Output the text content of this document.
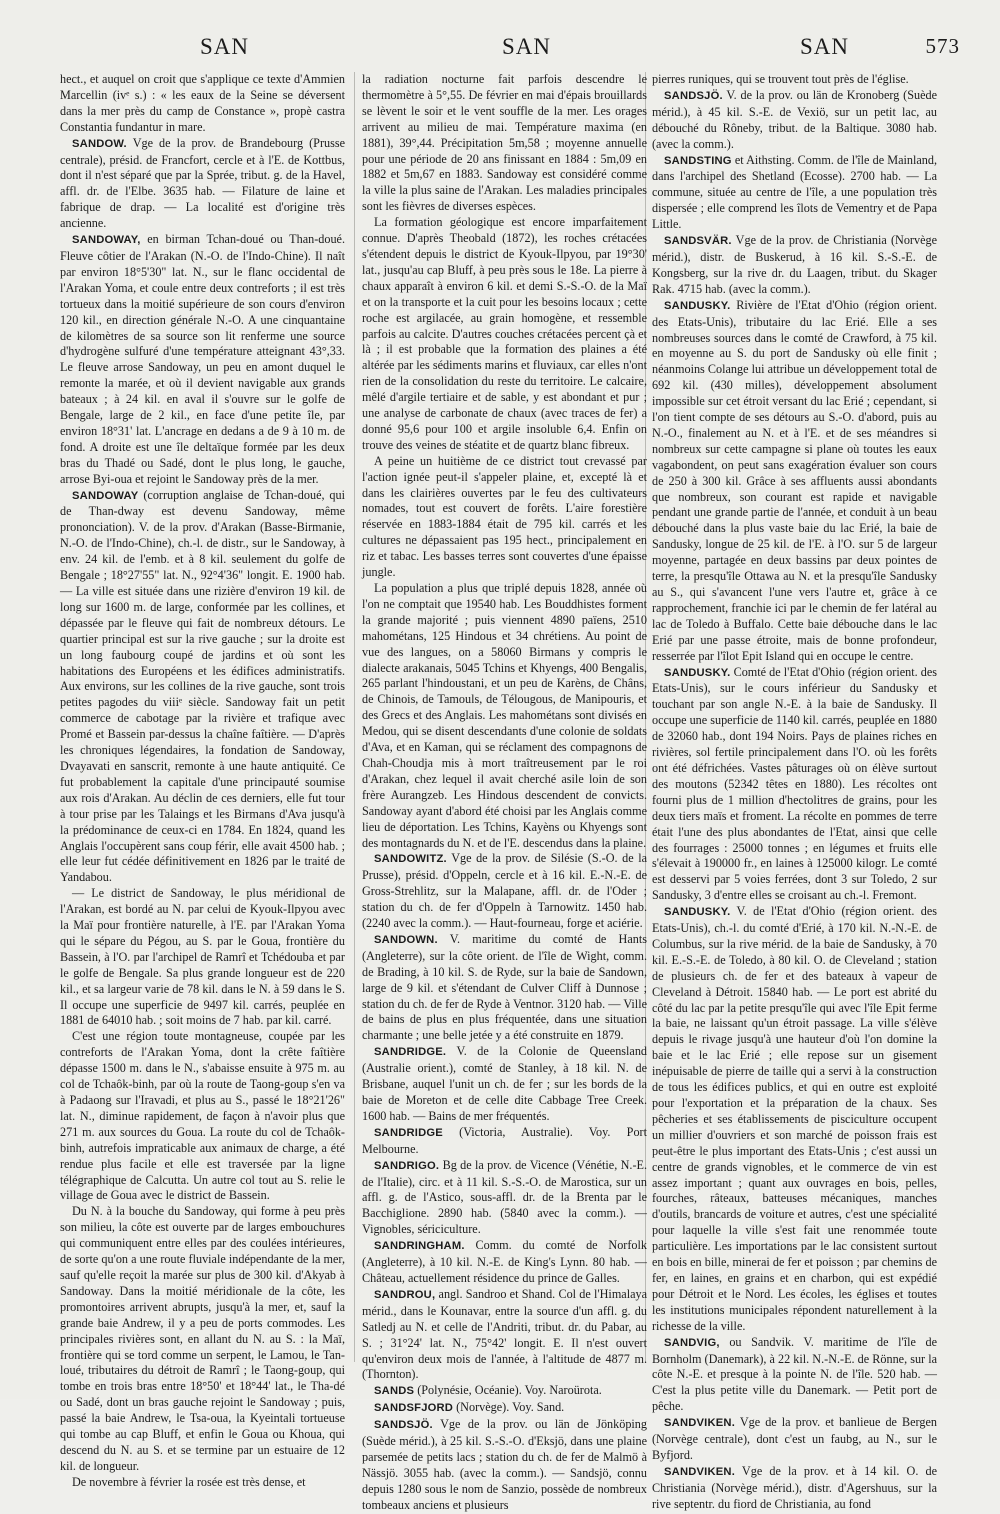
SAN	SAN	SAN	573

hect., et auquel on croit que s'applique ce texte d'Ammien Marcellin (ivᵉ s.) : « les eaux de la Seine se déversent dans la mer près du camp de Constance », propè castra Constantia fundantur in mare.

SANDOW. Vge de la prov. de Brandebourg (Prusse centrale), présid. de Francfort, cercle et à l'E. de Kottbus, dont il n'est séparé que par la Sprée, tribut. g. de la Havel, affl. dr. de l'Elbe. 3635 hab. — Filature de laine et fabrique de drap. — La localité est d'origine très ancienne.

SANDOWAY, en birman Tchan-doué ou Than-doué. Fleuve côtier de l'Arakan (N.-O. de l'Indo-Chine). Il naît par environ 18°5'30" lat. N., sur le flanc occidental de l'Arakan Yoma, et coule entre deux contreforts ; il est très tortueux dans la moitié supérieure de son cours d'environ 120 kil., en direction générale N.-O. A une cinquantaine de kilomètres de sa source son lit renferme une source d'hydrogène sulfuré d'une température atteignant 43°,33. Le fleuve arrose Sandoway, un peu en amont duquel le remonte la marée, et où il devient navigable aux grands bateaux ; à 24 kil. en aval il s'ouvre sur le golfe de Bengale, large de 2 kil., en face d'une petite île, par environ 18°31' lat. L'ancrage en dedans a de 9 à 10 m. de fond. A droite est une île deltaïque formée par les deux bras du Thadé ou Sadé, dont le plus long, le gauche, arrose Byi-oua et rejoint le Sandoway près de la mer.

SANDOWAY (corruption anglaise de Tchan-doué, qui de Than-dway est devenu Sandoway, même prononciation). V. de la prov. d'Arakan (Basse-Birmanie, N.-O. de l'Indo-Chine), ch.-l. de distr., sur le Sandoway, à env. 24 kil. de l'emb. et à 8 kil. seulement du golfe de Bengale ; 18°27'55" lat. N., 92°4'36" longit. E. 1900 hab. — La ville est située dans une rizière d'environ 19 kil. de long sur 1600 m. de large, conformée par les collines, et dépassée par le fleuve qui fait de nombreux détours. Le quartier principal est sur la rive gauche ; sur la droite est un long faubourg coupé de jardins et où sont les habitations des Européens et les édifices administratifs. Aux environs, sur les collines de la rive gauche, sont trois petites pagodes du viiiᵉ siècle. Sandoway fait un petit commerce de cabotage par la rivière et trafique avec Promé et Bassein par-dessus la chaîne faîtière. — D'après les chroniques légendaires, la fondation de Sandoway, Dvayavati en sanscrit, remonte à une haute antiquité. Ce fut probablement la capitale d'une principauté soumise aux rois d'Arakan. Au déclin de ces derniers, elle fut tour à tour prise par les Talaings et les Birmans d'Ava jusqu'à la prédominance de ceux-ci en 1784. En 1824, quand les Anglais l'occupèrent sans coup férir, elle avait 4500 hab. ; elle leur fut cédée définitivement en 1826 par le traité de Yandabou.

— Le district de Sandoway, le plus méridional de l'Arakan, est bordé au N. par celui de Kyouk-Ilpyou avec la Maï pour frontière naturelle, à l'E. par l'Arakan Yoma qui le sépare du Pégou, au S. par le Goua, frontière du Bassein, à l'O. par l'archipel de Ramrî et Tchédouba et par le golfe de Bengale. Sa plus grande longueur est de 220 kil., et sa largeur varie de 78 kil. dans le N. à 59 dans le S. Il occupe une superficie de 9497 kil. carrés, peuplée en 1881 de 64010 hab. ; soit moins de 7 hab. par kil. carré.

C'est une région toute montagneuse, coupée par les contreforts de l'Arakan Yoma, dont la crête faîtière dépasse 1500 m. dans le N., s'abaisse ensuite à 975 m. au col de Tchaôk-binh, par où la route de Taong-goup s'en va à Padaong sur l'Iravadi, et plus au S., passé le 18°21'26" lat. N., diminue rapidement, de façon à n'avoir plus que 271 m. aux sources du Goua. La route du col de Tchaôk-binh, autrefois impraticable aux animaux de charge, a été rendue plus facile et elle est traversée par la ligne télégraphique de Calcutta. Un autre col tout au S. relie le village de Goua avec le district de Bassein.

Du N. à la bouche du Sandoway, qui forme à peu près son milieu, la côte est ouverte par de larges embouchures qui communiquent entre elles par des coulées intérieures, de sorte qu'on a une route fluviale indépendante de la mer, sauf qu'elle reçoit la marée sur plus de 300 kil. d'Akyab à Sandoway. Dans la moitié méridionale de la côte, les promontoires arrivent abrupts, jusqu'à la mer, et, sauf la grande baie Andrew, il y a peu de ports commodes. Les principales rivières sont, en allant du N. au S. : la Maï, frontière qui se tord comme un serpent, le Lamou, le Tan-loué, tributaires du détroit de Ramrî ; le Taong-goup, qui tombe en trois bras entre 18°50' et 18°44' lat., le Tha-dé ou Sadé, dont un bras gauche rejoint le Sandoway ; puis, passé la baie Andrew, le Tsa-oua, la Kyeintali tortueuse qui tombe au cap Bluff, et enfin le Goua ou Khoua, qui descend du N. au S. et se termine par un estuaire de 12 kil. de longueur.

De novembre à février la rosée est très dense, et

la radiation nocturne fait parfois descendre le thermomètre à 5°,55. De février en mai d'épais brouillards se lèvent le soir et le vent souffle de la mer. Les orages arrivent au milieu de mai. Température maxima (en 1881), 39°,44. Précipitation 5m,58 ; moyenne annuelle pour une période de 20 ans finissant en 1884 : 5m,09 en 1882 et 5m,67 en 1883. Sandoway est considéré comme la ville la plus saine de l'Arakan. Les maladies principales sont les fièvres de diverses espèces.

La formation géologique est encore imparfaitement connue. D'après Theobald (1872), les roches crétacées s'étendent depuis le district de Kyouk-Ilpyou, par 19°30' lat., jusqu'au cap Bluff, à peu près sous le 18e. La pierre à chaux apparaît à environ 6 kil. et demi S.-S.-O. de la Maï et on la transporte et la cuit pour les besoins locaux ; cette roche est argilacée, au grain homogène, et ressemble parfois au calcite. D'autres couches crétacées percent çà et là ; il est probable que la formation des plaines a été altérée par les sédiments marins et fluviaux, car elles n'ont rien de la consolidation du reste du territoire. Le calcaire, mêlé d'argile tertiaire et de sable, y est abondant et pur ; une analyse de carbonate de chaux (avec traces de fer) a donné 95,6 pour 100 et argile insoluble 6,4. Enfin on trouve des veines de stéatite et de quartz blanc fibreux.

A peine un huitième de ce district tout crevassé par l'action ignée peut-il s'appeler plaine, et, excepté là et dans les clairières ouvertes par le feu des cultivateurs nomades, tout est couvert de forêts. L'aire forestière réservée en 1883-1884 était de 795 kil. carrés et les cultures ne dépassaient pas 195 hect., principalement en riz et tabac. Les basses terres sont couvertes d'une épaisse jungle.

La population a plus que triplé depuis 1828, année où l'on ne comptait que 19540 hab. Les Bouddhistes forment la grande majorité ; puis viennent 4890 païens, 2510 mahométans, 125 Hindous et 34 chrétiens. Au point de vue des langues, on a 58060 Birmans y compris le dialecte arakanais, 5045 Tchins et Khyengs, 400 Bengalis, 265 parlant l'hindoustani, et un peu de Karèns, de Châns, de Chinois, de Tamouls, de Télougous, de Manipouris, et des Grecs et des Anglais. Les mahométans sont divisés en Medou, qui se disent descendants d'une colonie de soldats d'Ava, et en Kaman, qui se réclament des compagnons de Chah-Choudja mis à mort traîtreusement par le roi d'Arakan, chez lequel il avait cherché asile loin de son frère Aurangzeb. Les Hindous descendent de convicts. Sandoway ayant d'abord été choisi par les Anglais comme lieu de déportation. Les Tchins, Kayèns ou Khyengs sont des montagnards du N. et de l'E. descendus dans la plaine.

SANDOWITZ. Vge de la prov. de Silésie (S.-O. de la Prusse), présid. d'Oppeln, cercle et à 16 kil. E.-N.-E. de Gross-Strehlitz, sur la Malapane, affl. dr. de l'Oder ; station du ch. de fer d'Oppeln à Tarnowitz. 1450 hab. (2240 avec la comm.). — Haut-fourneau, forge et aciérie.

SANDOWN. V. maritime du comté de Hants (Angleterre), sur la côte orient. de l'île de Wight, comm. de Brading, à 10 kil. S. de Ryde, sur la baie de Sandown, large de 9 kil. et s'étendant de Culver Cliff à Dunnose ; station du ch. de fer de Ryde à Ventnor. 3120 hab. — Ville de bains de plus en plus fréquentée, dans une situation charmante ; une belle jetée y a été construite en 1879.

SANDRIDGE. V. de la Colonie de Queensland (Australie orient.), comté de Stanley, à 18 kil. N. de Brisbane, auquel l'unit un ch. de fer ; sur les bords de la baie de Moreton et de celle dite Cabbage Tree Creek. 1600 hab. — Bains de mer fréquentés.

SANDRIDGE (Victoria, Australie). Voy. Port Melbourne.

SANDRIGO. Bg de la prov. de Vicence (Vénétie, N.-E. de l'Italie), circ. et à 11 kil. S.-S.-O. de Marostica, sur un affl. g. de l'Astico, sous-affl. dr. de la Brenta par le Bacchiglione. 2890 hab. (5840 avec la comm.). — Vignobles, sériciculture.

SANDRINGHAM. Comm. du comté de Norfolk (Angleterre), à 10 kil. N.-E. de King's Lynn. 80 hab. — Château, actuellement résidence du prince de Galles.

SANDROU, angl. Sandroo et Shand. Col de l'Himalaya mérid., dans le Kounavar, entre la source d'un affl. g. du Satledj au N. et celle de l'Andriti, tribut. dr. du Pabar, au S. ; 31°24' lat. N., 75°42' longit. E. Il n'est ouvert qu'environ deux mois de l'année, à l'altitude de 4877 m. (Thornton).

SANDS (Polynésie, Océanie). Voy. Naroürota.

SANDSFJORD (Norvège). Voy. Sand.

SANDSJÖ. Vge de la prov. ou län de Jönköping (Suède mérid.), à 25 kil. S.-S.-O. d'Eksjö, dans une plaine parsemée de petits lacs ; station du ch. de fer de Malmö à Nässjö. 3055 hab. (avec la comm.). — Sandsjö, connu depuis 1280 sous le nom de Sanzio, possède de nombreux tombeaux anciens et plusieurs

pierres runiques, qui se trouvent tout près de l'église.

SANDSJÖ. V. de la prov. ou län de Kronoberg (Suède mérid.), à 45 kil. S.-E. de Vexiö, sur un petit lac, au débouché du Rôneby, tribut. de la Baltique. 3080 hab. (avec la comm.).

SANDSTING et Aithsting. Comm. de l'île de Mainland, dans l'archipel des Shetland (Ecosse). 2700 hab. — La commune, située au centre de l'île, a une population très dispersée ; elle comprend les îlots de Vementry et de Papa Little.

SANDSVÄR. Vge de la prov. de Christiania (Norvège mérid.), distr. de Buskerud, à 16 kil. S.-S.-E. de Kongsberg, sur la rive dr. du Laagen, tribut. du Skager Rak. 4715 hab. (avec la comm.).

SANDUSKY. Rivière de l'Etat d'Ohio (région orient. des Etats-Unis), tributaire du lac Erié. Elle a ses nombreuses sources dans le comté de Crawford, à 75 kil. en moyenne au S. du port de Sandusky où elle finit ; néanmoins Colange lui attribue un développement total de 692 kil. (430 milles), développement absolument impossible sur cet étroit versant du lac Erié ; cependant, si l'on tient compte de ses détours au S.-O. d'abord, puis au N.-O., finalement au N. et à l'E. et de ses méandres si nombreux sur cette campagne si plane où toutes les eaux vagabondent, on peut sans exagération évaluer son cours de 250 à 300 kil. Grâce à ses affluents aussi abondants que nombreux, son courant est rapide et navigable pendant une grande partie de l'année, et conduit à un beau débouché dans la plus vaste baie du lac Erié, la baie de Sandusky, longue de 25 kil. de l'E. à l'O. sur 5 de largeur moyenne, partagée en deux bassins par deux pointes de terre, la presqu'île Ottawa au N. et la presqu'île Sandusky au S., qui s'avancent l'une vers l'autre et, grâce à ce rapprochement, franchie ici par le chemin de fer latéral au lac de Toledo à Buffalo. Cette baie débouche dans le lac Erié par une passe étroite, mais de bonne profondeur, resserrée par l'îlot Epit Island qui en occupe le centre.

SANDUSKY. Comté de l'Etat d'Ohio (région orient. des Etats-Unis), sur le cours inférieur du Sandusky et touchant par son angle N.-E. à la baie de Sandusky. Il occupe une superficie de 1140 kil. carrés, peuplée en 1880 de 32060 hab., dont 194 Noirs. Pays de plaines riches en rivières, sol fertile principalement dans l'O. où les forêts ont été défrichées. Vastes pâturages où on élève surtout des moutons (52342 têtes en 1880). Les récoltes ont fourni plus de 1 million d'hectolitres de grains, pour les deux tiers maïs et froment. La récolte en pommes de terre était l'une des plus abondantes de l'Etat, ainsi que celle des fourrages : 25000 tonnes ; en légumes et fruits elle s'élevait à 190000 fr., en laines à 125000 kilogr. Le comté est desservi par 5 voies ferrées, dont 3 sur Toledo, 2 sur Sandusky, 3 d'entre elles se croisant au ch.-l. Fremont.

SANDUSKY. V. de l'Etat d'Ohio (région orient. des Etats-Unis), ch.-l. du comté d'Erié, à 170 kil. N.-N.-E. de Columbus, sur la rive mérid. de la baie de Sandusky, à 70 kil. E.-S.-E. de Toledo, à 80 kil. O. de Cleveland ; station de plusieurs ch. de fer et des bateaux à vapeur de Cleveland à Détroit. 15840 hab. — Le port est abrité du côté du lac par la petite presqu'île qui avec l'île Epit ferme la baie, ne laissant qu'un étroit passage. La ville s'élève depuis le rivage jusqu'à une hauteur d'où l'on domine la baie et le lac Erié ; elle repose sur un gisement inépuisable de pierre de taille qui a servi à la construction de tous les édifices publics, et qui en outre est exploité pour l'exportation et la préparation de la chaux. Ses pêcheries et ses établissements de pisciculture occupent un millier d'ouvriers et son marché de poisson frais est peut-être le plus important des Etats-Unis ; c'est aussi un centre de grands vignobles, et le commerce de vin est assez important ; quant aux ouvrages en bois, pelles, fourches, râteaux, batteuses mécaniques, manches d'outils, brancards de voiture et autres, c'est une spécialité pour laquelle la ville s'est fait une renommée toute particulière. Les importations par le lac consistent surtout en bois en bille, minerai de fer et poisson ; par chemins de fer, en laines, en grains et en charbon, qui est expédié pour Détroit et le Nord. Les écoles, les églises et toutes les institutions municipales répondent naturellement à la richesse de la ville.

SANDVIG, ou Sandvik. V. maritime de l'île de Bornholm (Danemark), à 22 kil. N.-N.-E. de Rönne, sur la côte N.-E. et presque à la pointe N. de l'île. 520 hab. — C'est la plus petite ville du Danemark. — Petit port de pêche.

SANDVIKEN. Vge de la prov. et banlieue de Bergen (Norvège centrale), dont c'est un faubg, au N., sur le Byfjord.

SANDVIKEN. Vge de la prov. et à 14 kil. O. de Christiania (Norvège mérid.), distr. d'Agershuus, sur la rive septentr. du fiord de Christiania, au fond
